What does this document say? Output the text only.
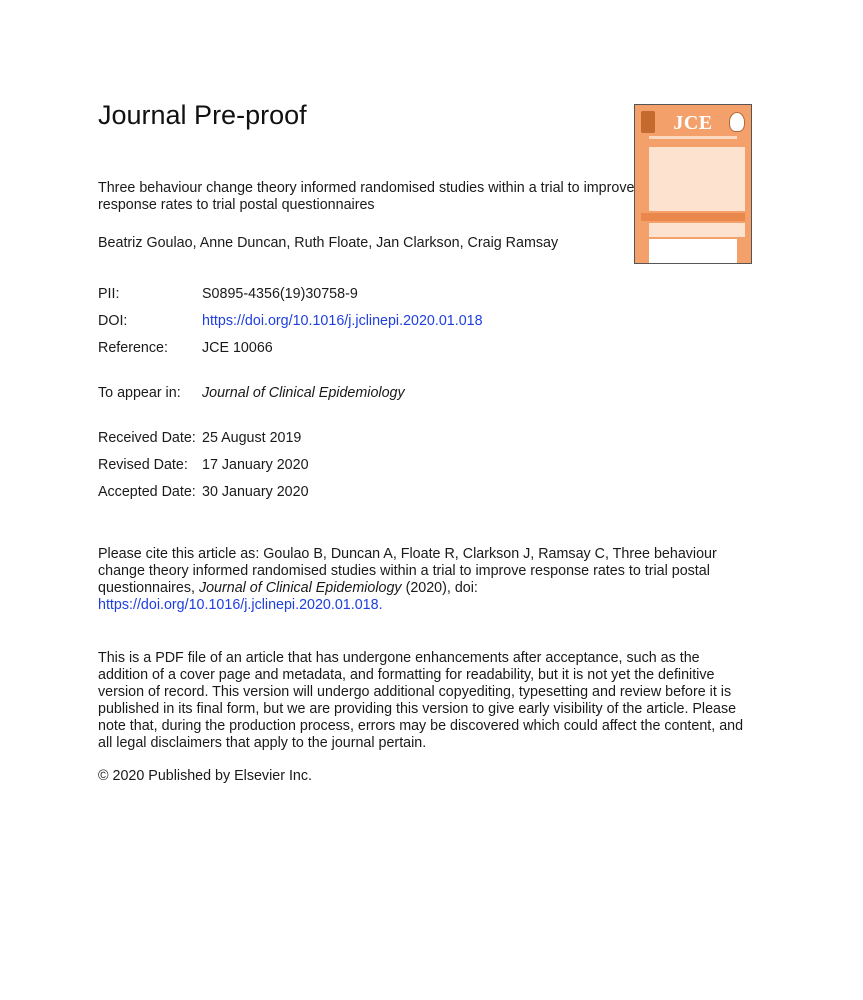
Journal Pre-proof	JCE

Three behaviour change theory informed randomised studies within a trial to improve response rates to trial postal questionnaires

Beatriz Goulao, Anne Duncan, Ruth Floate, Jan Clarkson, Craig Ramsay

PII:	S0895-4356(19)30758-9
DOI:	https://doi.org/10.1016/j.jclinepi.2020.01.018
Reference: JCE 10066
To appear in: Journal of Clinical Epidemiology
Received Date: 25 August 2019
Revised Date: 17 January 2020
Accepted Date: 30 January 2020

Please cite this article as: Goulao B, Duncan A, Floate R, Clarkson J, Ramsay C, Three behaviour change theory informed randomised studies within a trial to improve response rates to trial postal questionnaires, Journal of Clinical Epidemiology (2020), doi: https://doi.org/10.1016/j.jclinepi.2020.01.018.

This is a PDF file of an article that has undergone enhancements after acceptance, such as the addition of a cover page and metadata, and formatting for readability, but it is not yet the definitive version of record. This version will undergo additional copyediting, typesetting and review before it is published in its final form, but we are providing this version to give early visibility of the article. Please note that, during the production process, errors may be discovered which could affect the content, and all legal disclaimers that apply to the journal pertain.

© 2020 Published by Elsevier Inc.
